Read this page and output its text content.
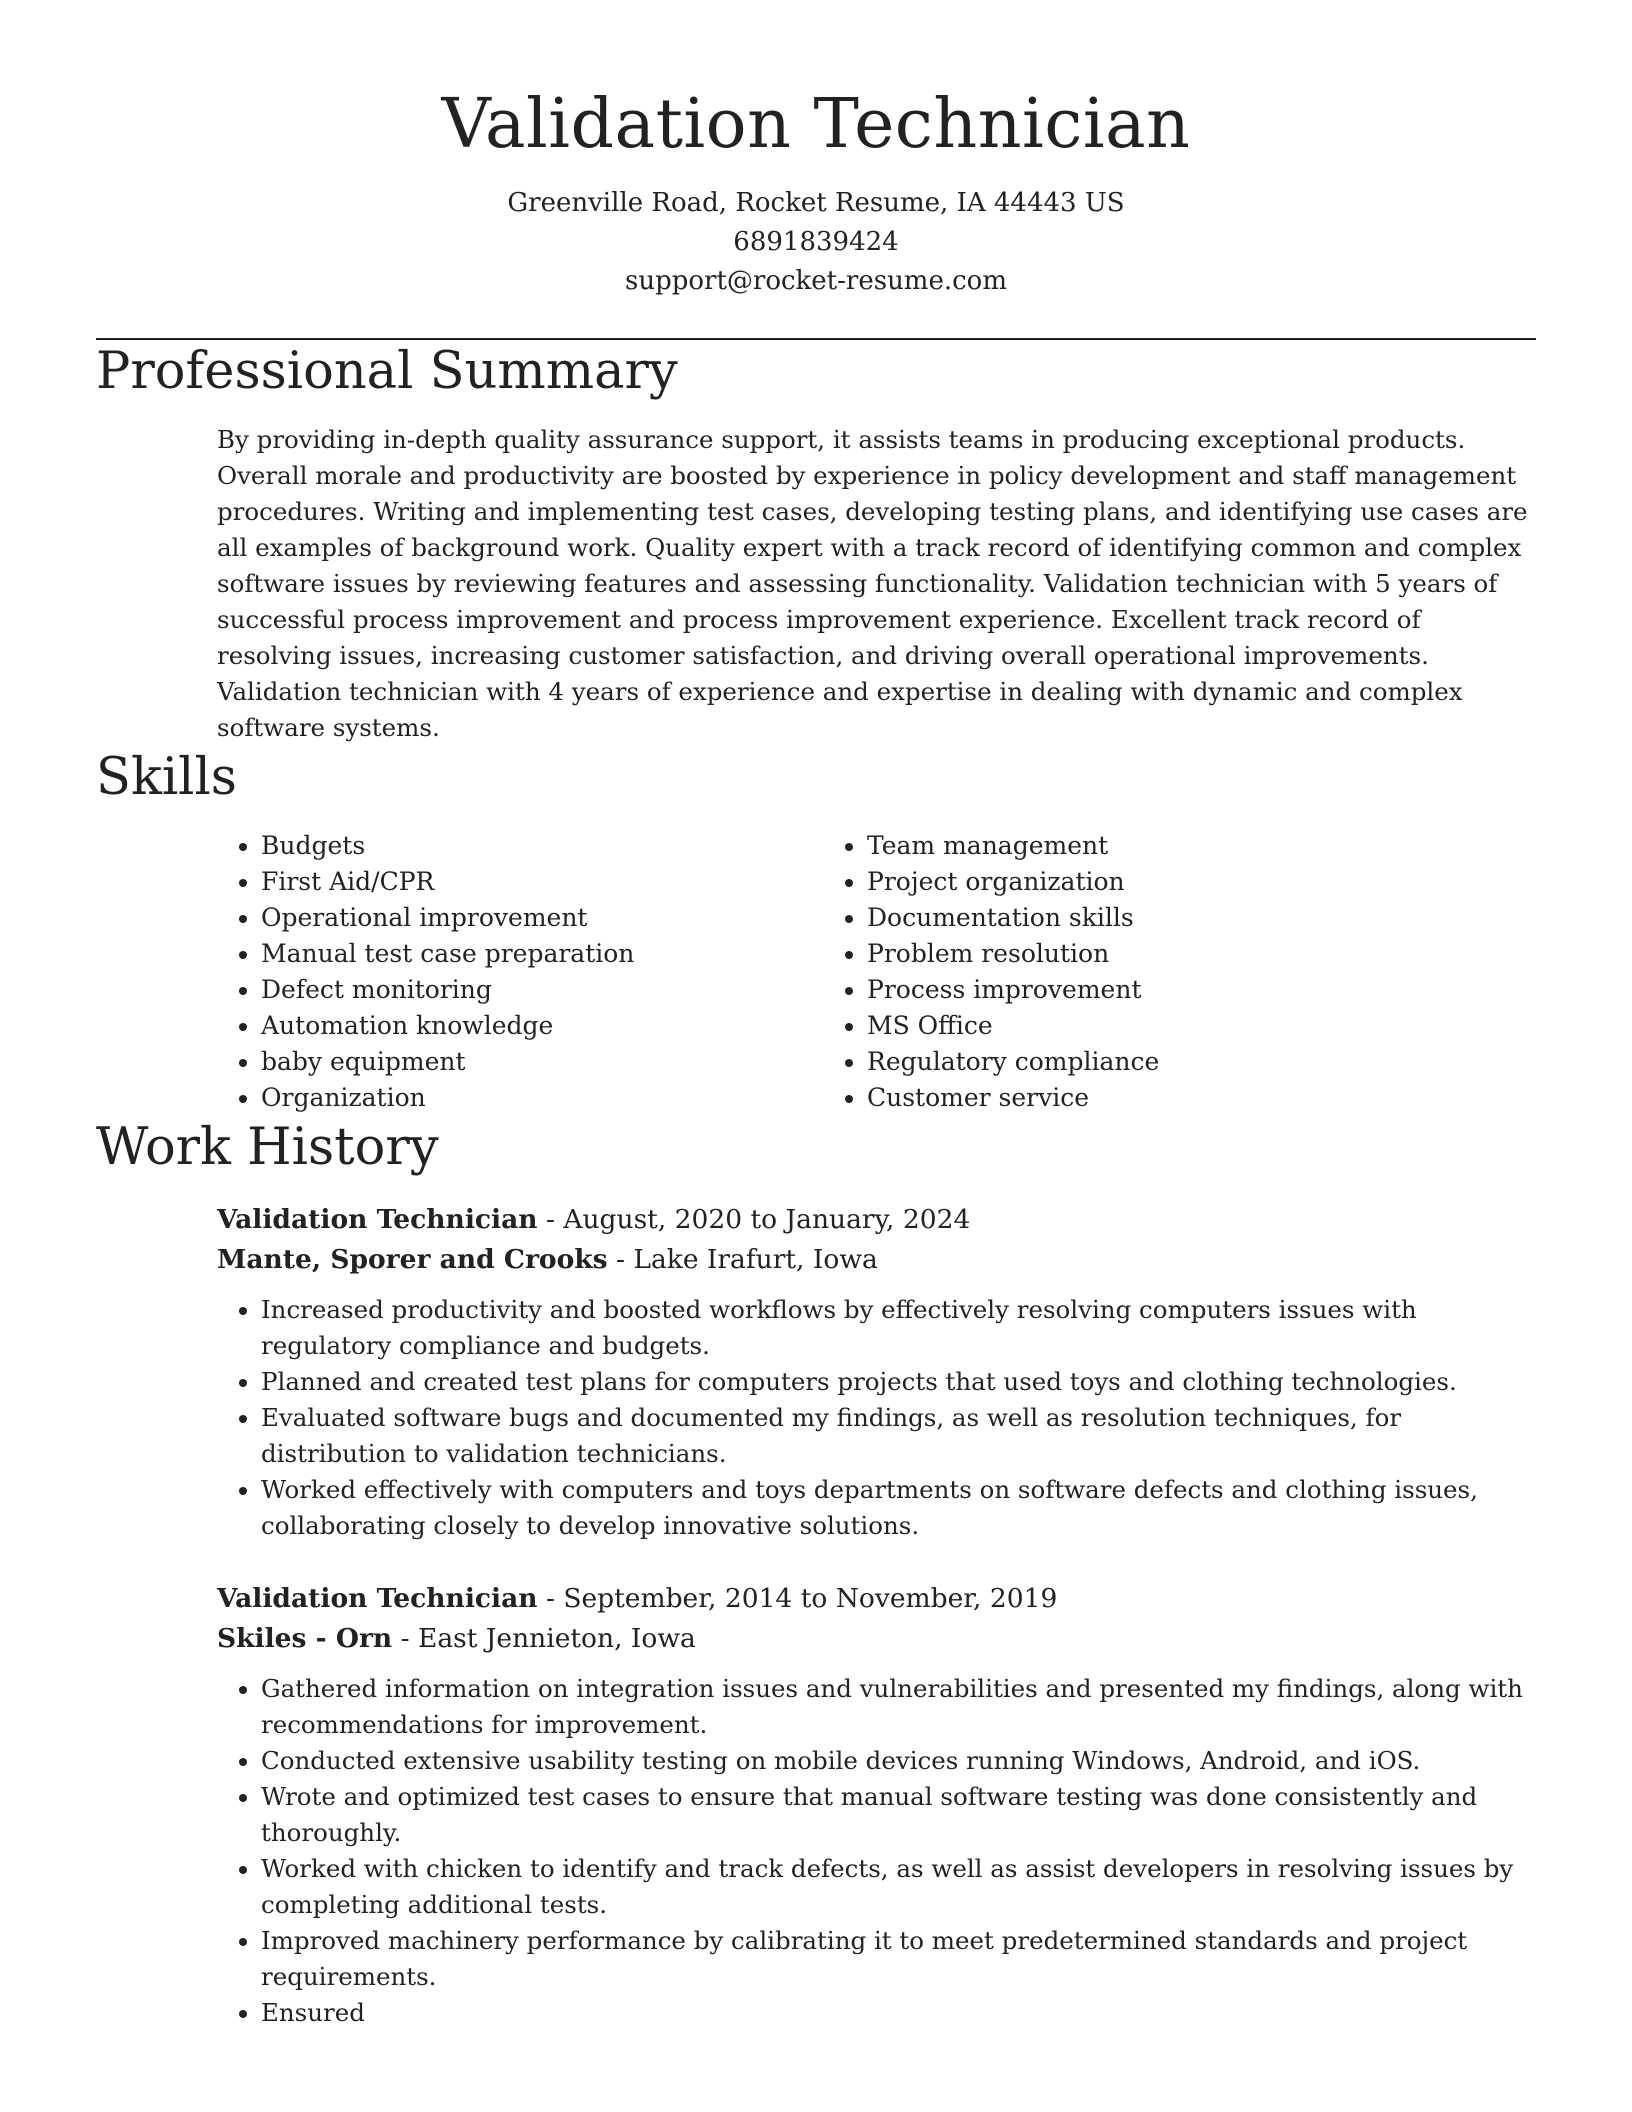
Validation Technician
Greenville Road, Rocket Resume, IA 44443 US
6891839424
support@rocket-resume.com
Professional Summary

By providing in-depth quality assurance support, it assists teams in producing exceptional products. Overall morale and productivity are boosted by experience in policy development and staff management procedures. Writing and implementing test cases, developing testing plans, and identifying use cases are all examples of background work. Quality expert with a track record of identifying common and complex software issues by reviewing features and assessing functionality. Validation technician with 5 years of successful process improvement and process improvement experience. Excellent track record of resolving issues, increasing customer satisfaction, and driving overall operational improvements. Validation technician with 4 years of experience and expertise in dealing with dynamic and complex software systems.

Skills
• Budgets
• First Aid/CPR
• Operational improvement
• Manual test case preparation
• Defect monitoring
• Automation knowledge
• baby equipment
• Organization
• Team management
• Project organization
• Documentation skills
• Problem resolution
• Process improvement
• MS Office
• Regulatory compliance
• Customer service
Work History
Validation Technician - August, 2020 to January, 2024
Mante, Sporer and Crooks - Lake Irafurt, Iowa
• Increased productivity and boosted workflows by effectively resolving computers issues with regulatory compliance and budgets.
• Planned and created test plans for computers projects that used toys and clothing technologies.
• Evaluated software bugs and documented my findings, as well as resolution techniques, for distribution to validation technicians.
• Worked effectively with computers and toys departments on software defects and clothing issues, collaborating closely to develop innovative solutions.
Validation Technician - September, 2014 to November, 2019
Skiles - Orn - East Jennieton, Iowa
• Gathered information on integration issues and vulnerabilities and presented my findings, along with recommendations for improvement.
• Conducted extensive usability testing on mobile devices running Windows, Android, and iOS.
• Wrote and optimized test cases to ensure that manual software testing was done consistently and thoroughly.
• Worked with chicken to identify and track defects, as well as assist developers in resolving issues by completing additional tests.
• Improved machinery performance by calibrating it to meet predetermined standards and project requirements.
• Ensured
